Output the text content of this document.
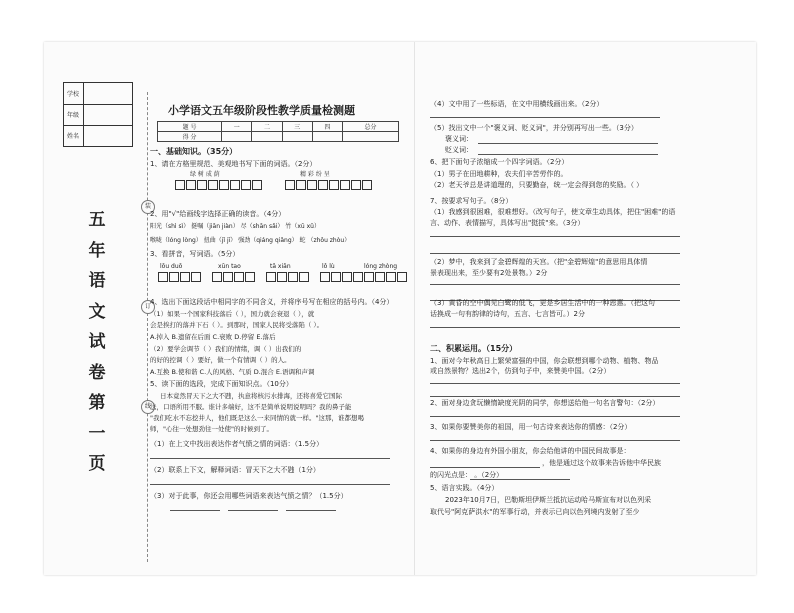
学校
年级
姓名
五
年
语
文
试
卷
第
一
页
装
订
线
小学语文五年级阶段性教学质量检测题
题 号	一	二	三	四	总分
得 分					
一、基础知识。（35分）
1、请在方格里规范、美观地书写下面的词语。（2分）
绿 树 成 荫	精 彩 纷 呈
2、用"√"给画线字选择正确的读音。（4分）
阳光（shì sì） 挺嘱（jiān jiàn） 尽（shān sǎi） 竹（xū xǔ）
喉咙（lóng lòng） 扭曲（jǐ jī） 强劲（qiáng qiǎng） 蛇 （zhǒu zhòu）
3、看拼音，写词语。（5分）
lōu duō	xūn tao	tā xiān	lǒ lù	lóng zhòng
4、选出下面这段话中相同字的不同含义，并将序号写在相应的括号内。（4分）
（1）如果一个国家科技落后（ ），国力就会衰退（ ），就
会是挨打的落并下石（ ）。到那时，国家人民将受落陷（ ）。
A.掉入 B.遗留在后面 C.衰败 D.停留 E.落后
（2）要学会调节（ ）我们的情绪，调（ ）出我们的
的好的控调（ ）要好，做一个有情调（ ）的人。
A.互换 B.使和谐 C.人的风格、气质 D.混合 E.语调和声调
5、读下面的选段，完成下面知识点。（10分）
日本竟然冒天下之大不韪，执意将核污水排海，还将喜爱它国际
法，口语所用不服。谁计多端好，这不是简单说明说明吗？我的鼻子能
"我们吃水不忘挖井人，他们既是这么一来同情的就一样。"这那，谁都想喝
师，"心往一处想劲往一处使"的时候到了。
（1）在上文中找出表达作者气愤之情的词语：（1.5分）
（2）联系上下文，解释词语：冒天下之大不韪（1分）
（3）对于此事，你还会用哪些词语来表达气愤之情？（1.5分）
（4）文中用了一些标语，在文中用横线画出来。（2分）
（5）找出文中一个"褒义词、贬义词"，并分别再写出一些。（3分）
褒义词：
贬义词：
6、把下面句子浓缩成一个四字词语。（2分）
（1）男子在田地耕种，农夫们辛苦劳作的。
（2）老天爷总是讲道理的，只要勤奋，统一定会得到您的奖励。（ ）
7、按要求写句子。（8分）
（1）我感到很困难，很难想好。（改写句子，使文章生动具体，把住"困难"的语
言、动作、表情描写，具体写出"挺拔"来。（3分）
（2）梦中，我来到了金碧辉煌的天宫。（把"金碧辉煌"的意思用具体情
景表现出来，至少要有2处景物。）2分
（3）黄昏的空中偶见白鹭的低飞，更是乡居生活中的一种恩惠。（把这句
话换成一句有韵律的诗句，五言、七言皆可。）2分
二、积累运用。（15分）
1、面对今年秋高日上繁荣富强的中国，你会联想到哪个动物、植物、物品
或自然景物？选出2个，仿到句子中，来赞美中国。（2分）
2、面对身边贪玩懒惰缺度光阴的同学，你想送给他一句名言警句：（2分）
3、如果你要赞美你的祖国，用一句古诗来表达你的情感：（2分）
4、如果你的身边有外国小朋友，你会给他讲的中国民间故事是：
，他是通过这个故事来告诉他中华民族
的闪光点是： 。（2分）
5、语言实践。（4分）
2023年10月7日，巴勒斯坦伊斯兰抵抗运动哈马斯宣布对以色列采
取代号"阿克萨洪水"的军事行动，并表示已向以色列境内发射了至少
